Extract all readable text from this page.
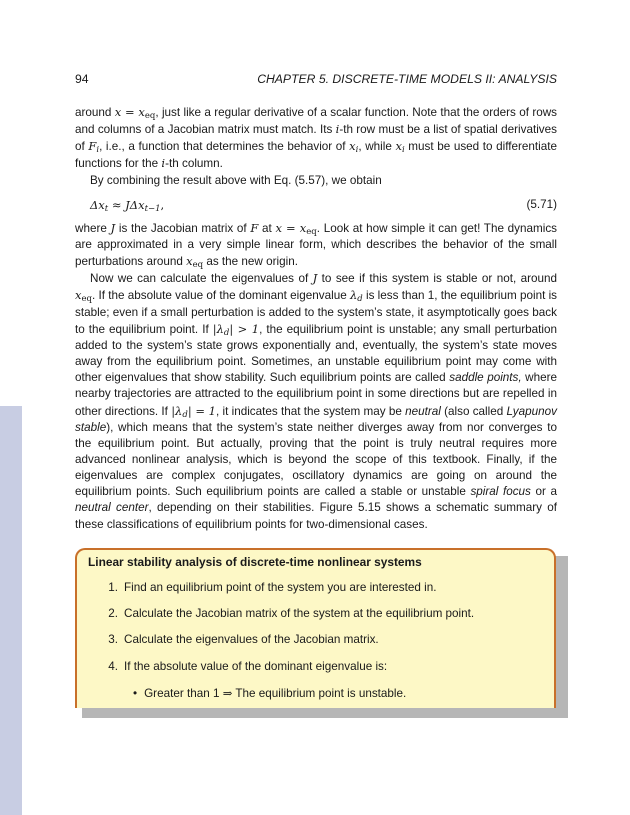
94	CHAPTER 5. DISCRETE-TIME MODELS II: ANALYSIS

around $x = x_{eq}$, just like a regular derivative of a scalar function. Note that the orders of rows and columns of a Jacobian matrix must match. Its i-th row must be a list of spatial derivatives of $F_i$, i.e., a function that determines the behavior of $x_i$, while $x_i$ must be used to differentiate functions for the i-th column.

By combining the result above with Eq. (5.57), we obtain

$\Delta x_t \approx J\Delta x_{t-1}$,	(5.71)

where J is the Jacobian matrix of F at $x = x_{eq}$. Look at how simple it can get! The dynamics are approximated in a very simple linear form, which describes the behavior of the small perturbations around $x_{eq}$ as the new origin.

Now we can calculate the eigenvalues of J to see if this system is stable or not, around $x_{eq}$. If the absolute value of the dominant eigenvalue $\lambda_d$ is less than 1, the equilibrium point is stable; even if a small perturbation is added to the system’s state, it asymptotically goes back to the equilibrium point. If $|\lambda_d| > 1$, the equilibrium point is unstable; any small perturbation added to the system’s state grows exponentially and, eventually, the system’s state moves away from the equilibrium point. Sometimes, an unstable equilibrium point may come with other eigenvalues that show stability. Such equilibrium points are called saddle points, where nearby trajectories are attracted to the equilibrium point in some directions but are repelled in other directions. If $|\lambda_d| = 1$, it indicates that the system may be neutral (also called Lyapunov stable), which means that the system’s state neither diverges away from nor converges to the equilibrium point. But actually, proving that the point is truly neutral requires more advanced nonlinear analysis, which is beyond the scope of this textbook. Finally, if the eigenvalues are complex conjugates, oscillatory dynamics are going on around the equilibrium points. Such equilibrium points are called a stable or unstable spiral focus or a neutral center, depending on their stabilities. Figure 5.15 shows a schematic summary of these classifications of equilibrium points for two-dimensional cases.

Linear stability analysis of discrete-time nonlinear systems
1. Find an equilibrium point of the system you are interested in.
2. Calculate the Jacobian matrix of the system at the equilibrium point.
3. Calculate the eigenvalues of the Jacobian matrix.
4. If the absolute value of the dominant eigenvalue is:
• Greater than 1 ⇒ The equilibrium point is unstable.
